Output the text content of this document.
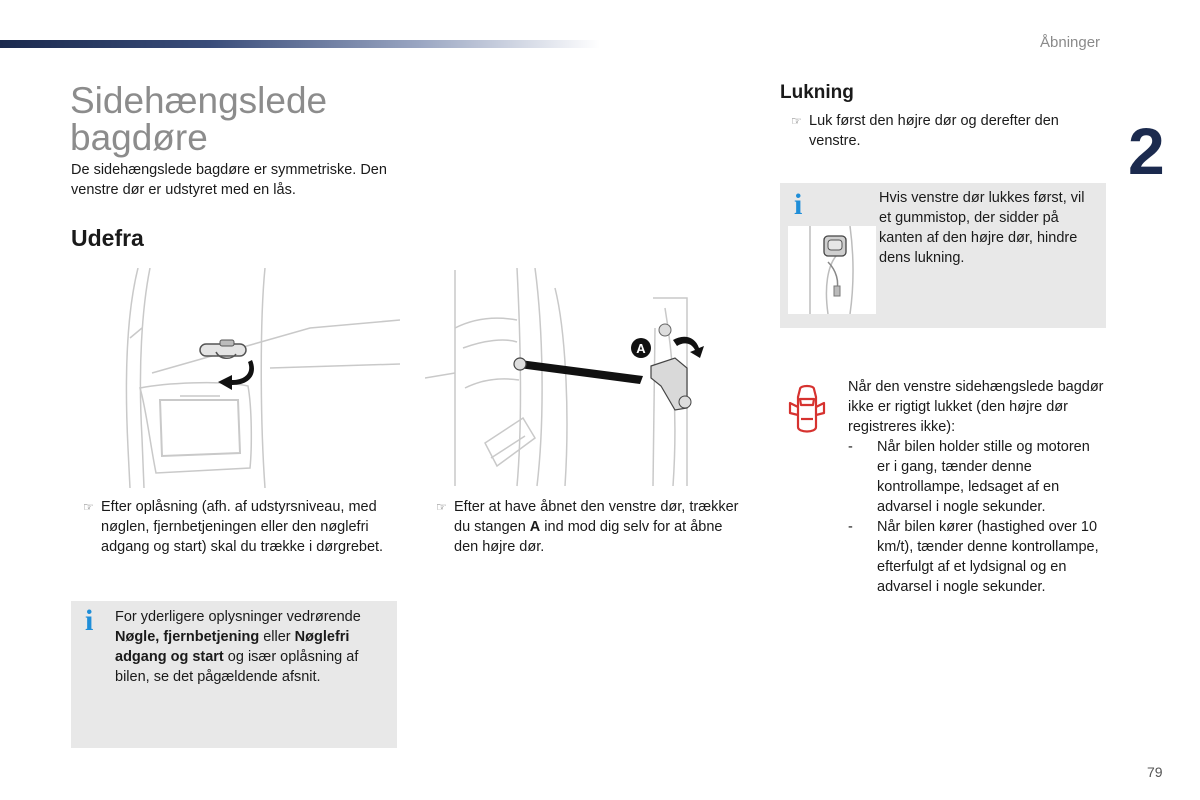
Åbninger
2
Sidehængslede bagdøre
De sidehængslede bagdøre er symmetriske. Den venstre dør er udstyret med en lås.
Udefra
A
☞ Efter oplåsning (afh. af udstyrsniveau, med nøglen, fjernbetjeningen eller den nøglefri adgang og start) skal du trække i dørgrebet.
☞ Efter at have åbnet den venstre dør, trækker du stangen A ind mod dig selv for at åbne den højre dør.
i For yderligere oplysninger vedrørende Nøgle, fjernbetjening eller Nøglefri adgang og start og især oplåsning af bilen, se det pågældende afsnit.
Lukning
☞ Luk først den højre dør og derefter den venstre.
i	Hvis venstre dør lukkes først, vil et gummistop, der sidder på kanten af den højre dør, hindre dens lukning.
Når den venstre sidehængslede bagdør ikke er rigtigt lukket (den højre dør registreres ikke):
- Når bilen holder stille og motoren er i gang, tænder denne kontrollampe, ledsaget af en advarsel i nogle sekunder.
- Når bilen kører (hastighed over 10 km/t), tænder denne kontrollampe, efterfulgt af et lydsignal og en advarsel i nogle sekunder.
79
